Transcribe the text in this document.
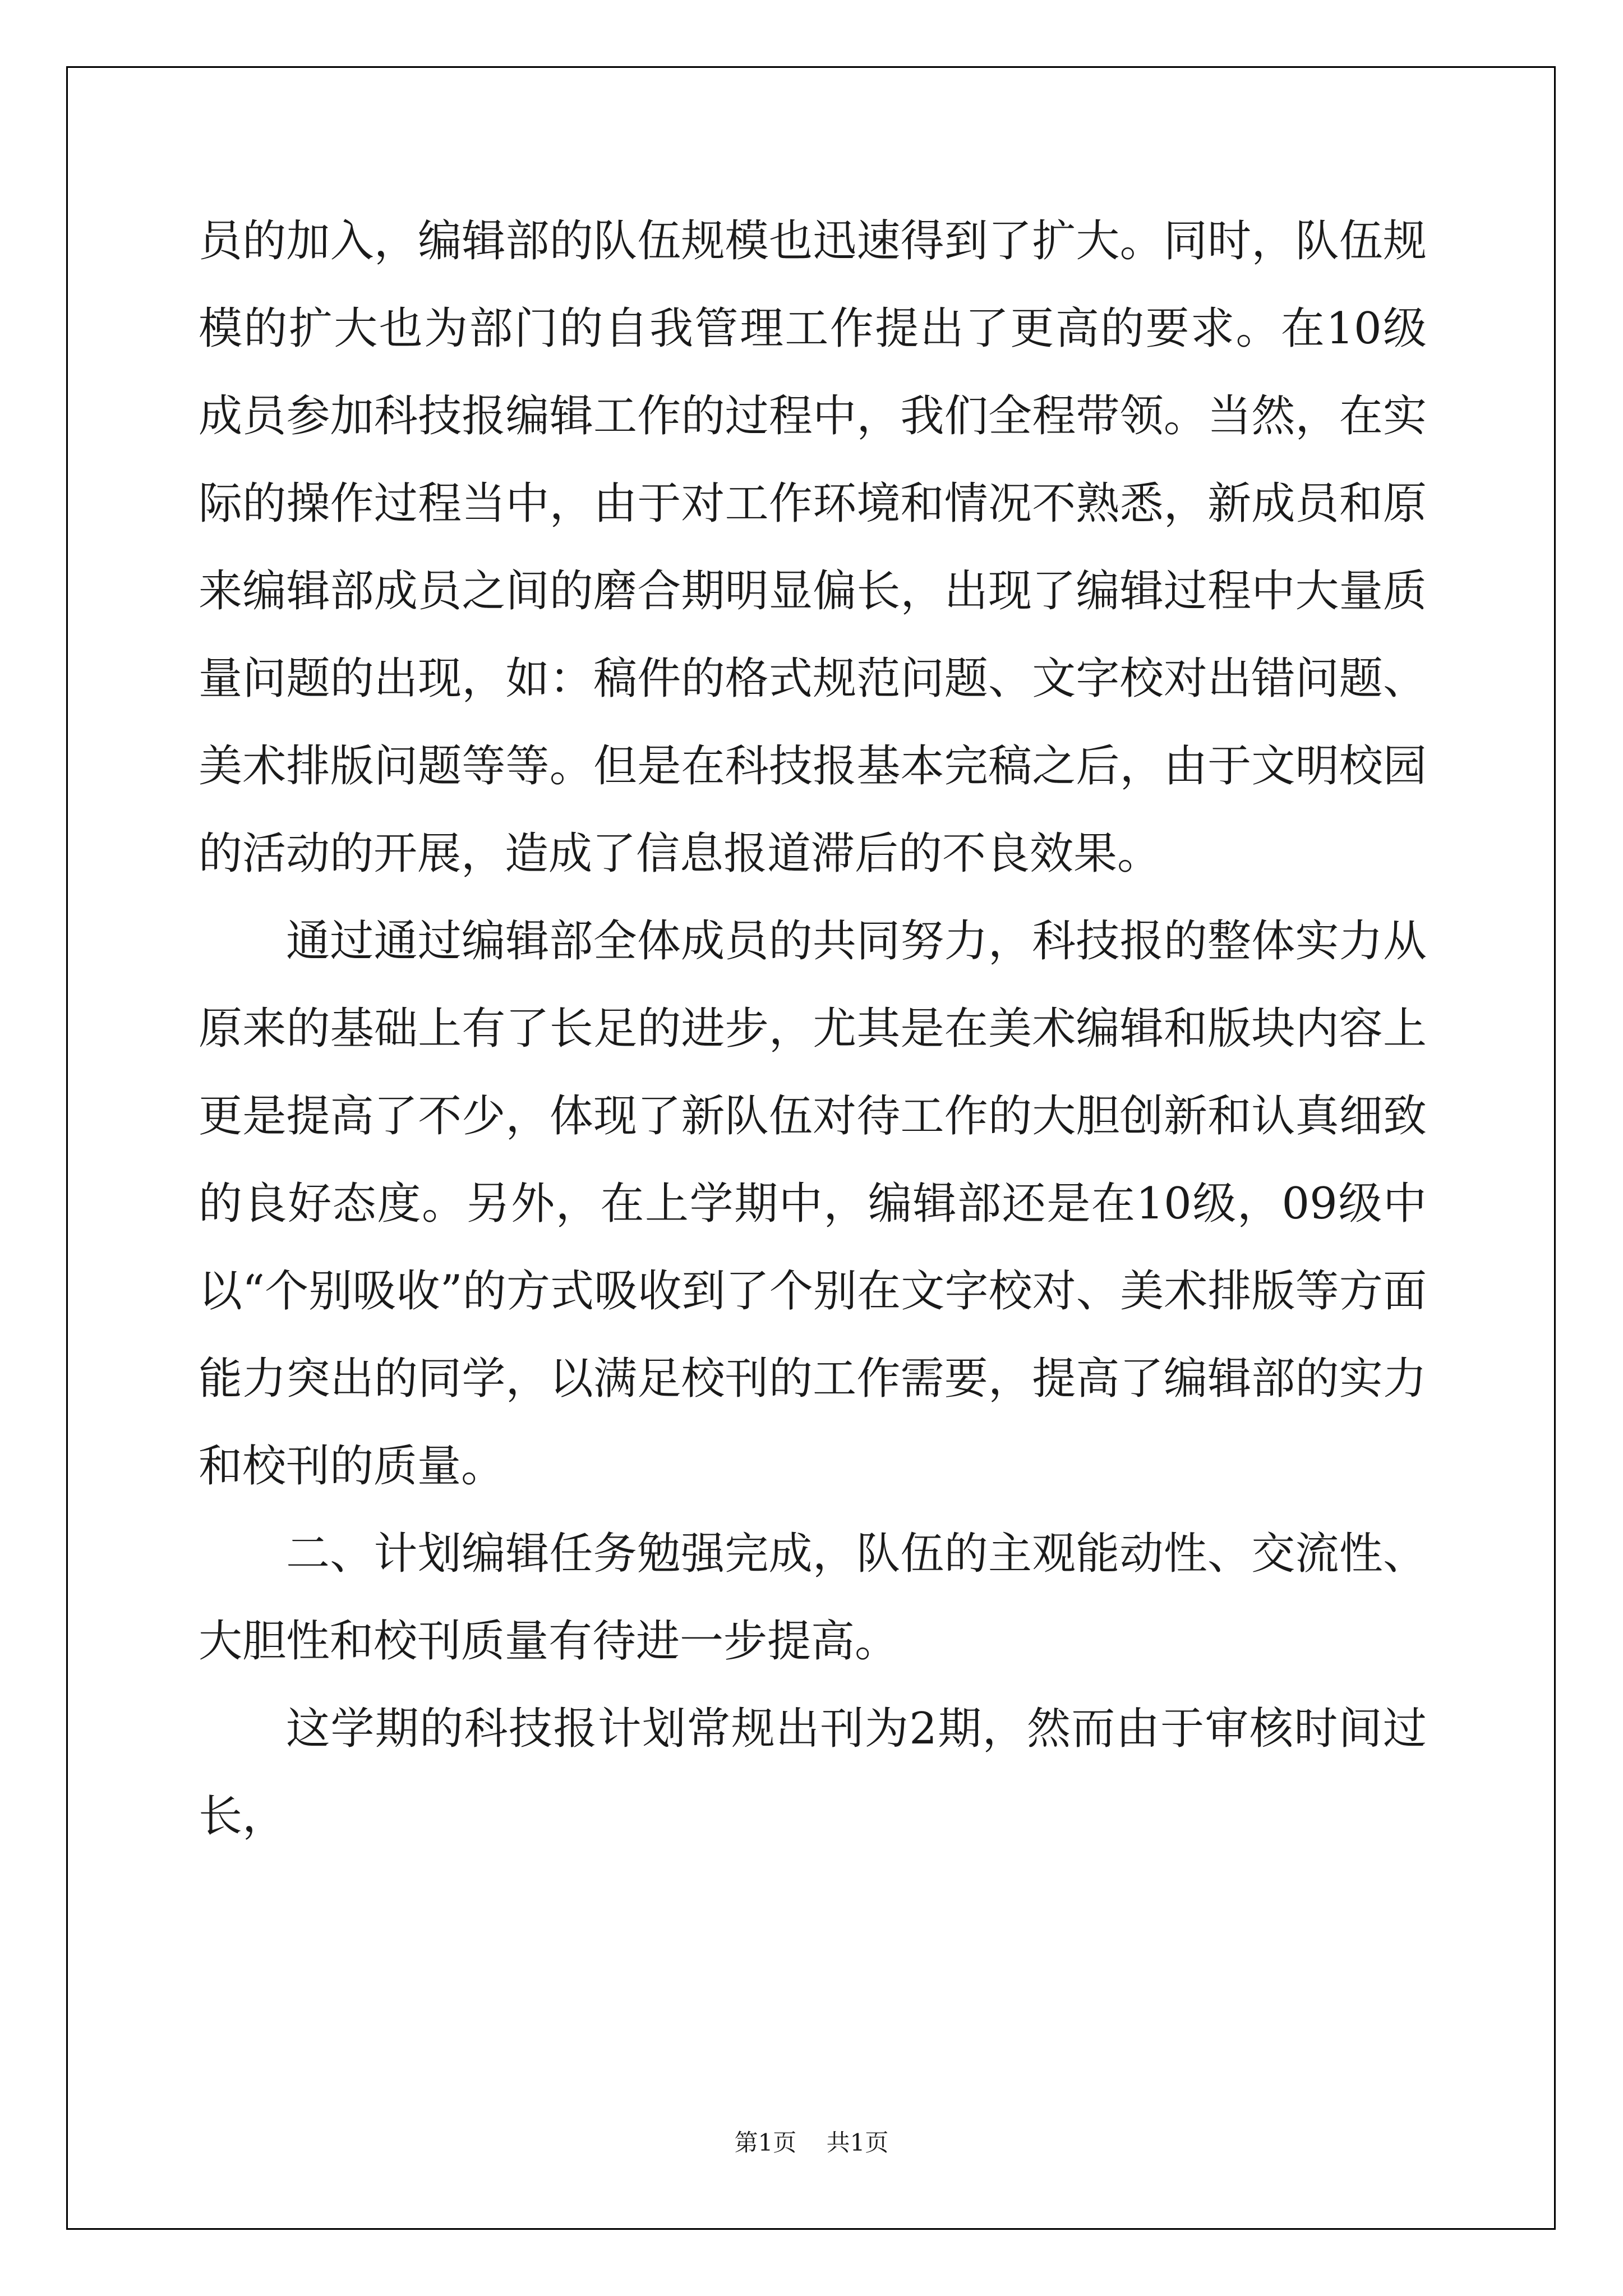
员的加入，编辑部的队伍规模也迅速得到了扩大。同时，队伍规模的扩大也为部门的自我管理工作提出了更高的要求。在10级成员参加科技报编辑工作的过程中，我们全程带领。当然，在实际的操作过程当中，由于对工作环境和情况不熟悉，新成员和原来编辑部成员之间的磨合期明显偏长，出现了编辑过程中大量质量问题的出现，如：稿件的格式规范问题、文字校对出错问题、美术排版问题等等。但是在科技报基本完稿之后，由于文明校园的活动的开展，造成了信息报道滞后的不良效果。

通过通过编辑部全体成员的共同努力，科技报的整体实力从原来的基础上有了长足的进步，尤其是在美术编辑和版块内容上更是提高了不少，体现了新队伍对待工作的大胆创新和认真细致的良好态度。另外，在上学期中，编辑部还是在10级，09级中以“个别吸收”的方式吸收到了个别在文字校对、美术排版等方面能力突出的同学，以满足校刊的工作需要，提高了编辑部的实力和校刊的质量。

二、计划编辑任务勉强完成，队伍的主观能动性、交流性、大胆性和校刊质量有待进一步提高。

这学期的科技报计划常规出刊为2期，然而由于审核时间过长，

第1页    共1页
